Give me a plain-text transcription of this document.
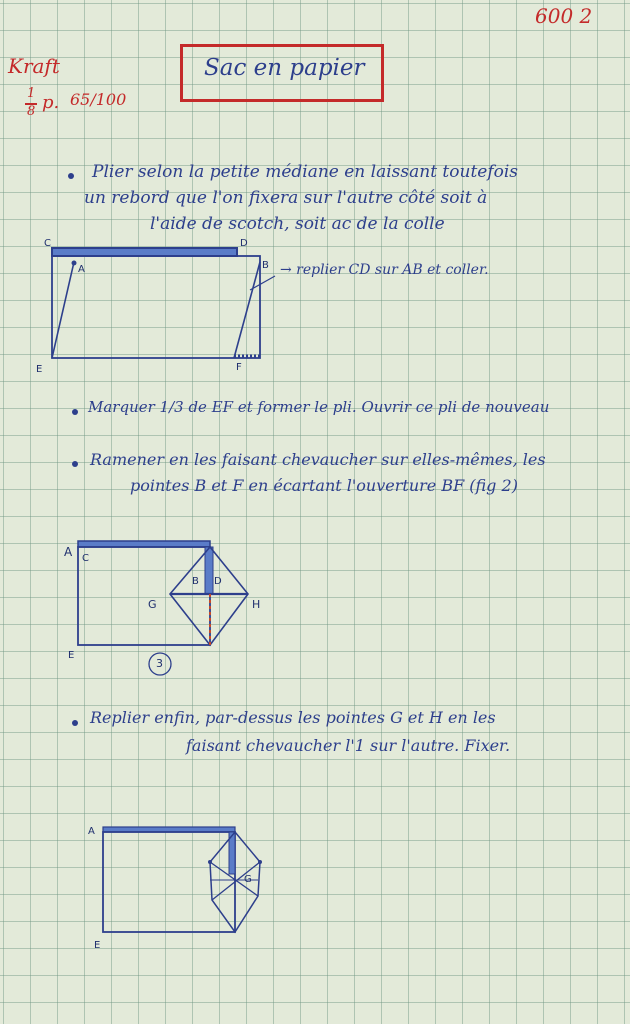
600 2
Kraft
1
8 p. 65/100
Sac en papier
Plier selon la petite médiane en laissant toutefois
un rebord que l'on fixera sur l'autre côté soit à
l'aide de scotch, soit ac de la colle
C	D
A	B
E	F
→ replier CD sur AB et coller.
Marquer 1/3 de EF et former le pli. Ouvrir ce pli de nouveau
Ramener en les faisant chevaucher sur elles-mêmes, les
pointes B et F en écartant l'ouverture BF (fig 2)
A C
B D
G	H
E
3
Replier enfin, par-dessus les pointes G et H en les
faisant chevaucher l'1 sur l'autre. Fixer.
A
G
E
